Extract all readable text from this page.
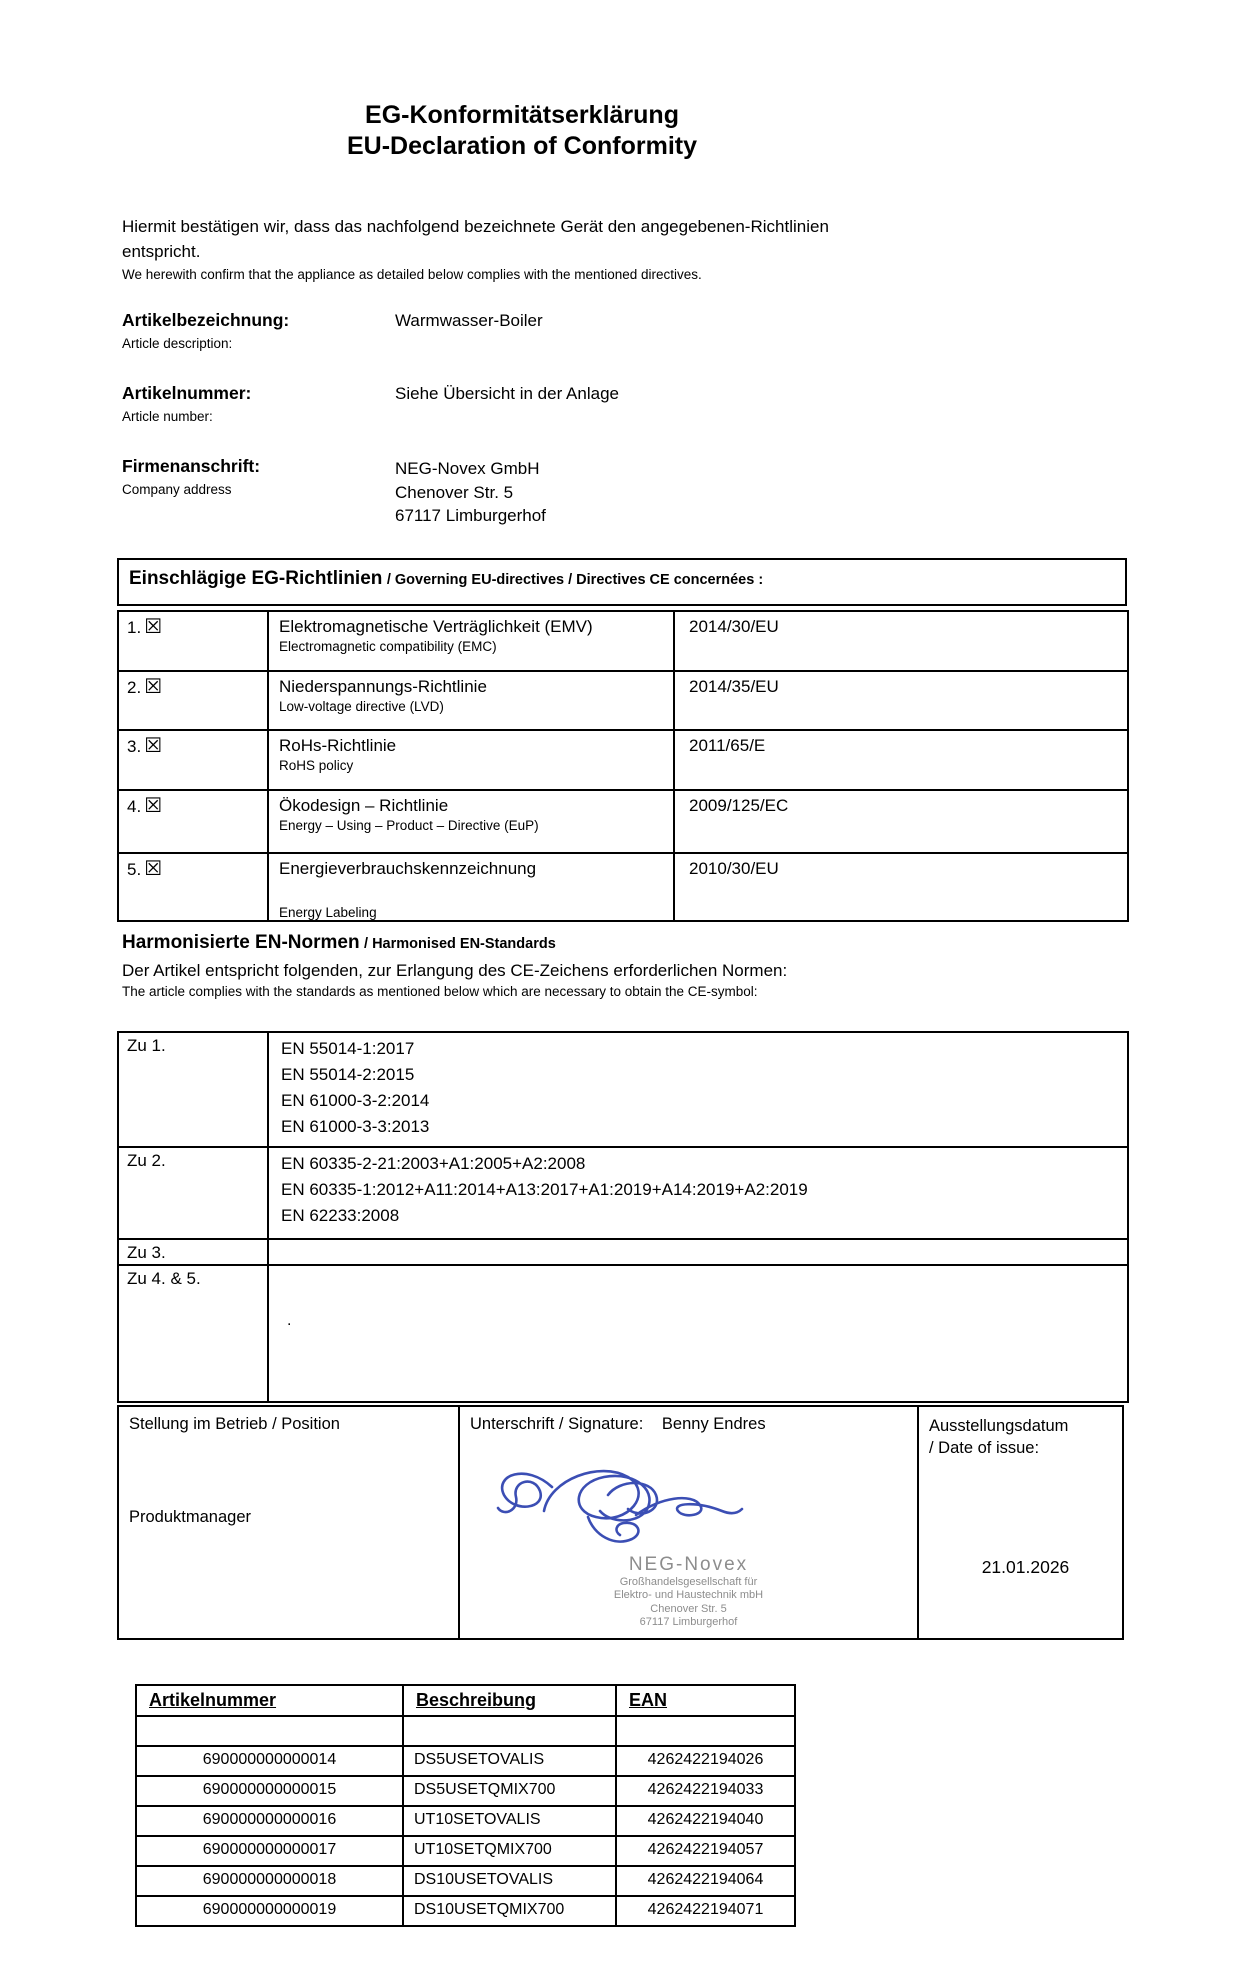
EG-Konformitätserklärung
EU-Declaration of Conformity
Hiermit bestätigen wir, dass das nachfolgend bezeichnete Gerät den angegebenen-Richtlinien
entspricht.
We herewith confirm that the appliance as detailed below complies with the mentioned directives.
Artikelbezeichnung:
Article description:
Warmwasser-Boiler
Artikelnummer:
Article number:
Siehe Übersicht in der Anlage
Firmenanschrift:
Company address
NEG-Novex GmbH
Chenover Str. 5
67117 Limburgerhof
Einschlägige EG-Richtlinien / Governing EU-directives / Directives CE concernées :
1. ☒	Elektromagnetische Verträglichkeit (EMV)
Electromagnetic compatibility (EMC)	2014/30/EU
2. ☒	Niederspannungs-Richtlinie
Low-voltage directive (LVD)	2014/35/EU
3. ☒	RoHs-Richtlinie
RoHS policy	2011/65/E
4. ☒	Ökodesign – Richtlinie
Energy – Using – Product – Directive (EuP)	2009/125/EC
5. ☒	Energieverbrauchskennzeichnung
Energy Labeling	2010/30/EU
Harmonisierte EN-Normen / Harmonised EN-Standards
Der Artikel entspricht folgenden, zur Erlangung des CE-Zeichens erforderlichen Normen:
The article complies with the standards as mentioned below which are necessary to obtain the CE-symbol:
Zu 1.	EN 55014-1:2017
EN 55014-2:2015
EN 61000-3-2:2014
EN 61000-3-3:2013

Zu 2.	EN 60335-2-21:2003+A1:2005+A2:2008
EN 60335-1:2012+A11:2014+A13:2017+A1:2019+A14:2019+A2:2019
EN 62233:2008

Zu 3.	
Zu 4. & 5.	.
Stellung im Betrieb / Position
Produktmanager
	Unterschrift / Signature: Benny Endres
NEG-Novex
Großhandelsgesellschaft für
Elektro- und Haustechnik mbH
Chenover Str. 5
67117 Limburgerhof

Ausstellungsdatum
/ Date of issue:
21.01.2026
Artikelnummer	Beschreibung	EAN

690000000000014	DS5USETOVALIS	4262422194026
690000000000015	DS5USETQMIX700	4262422194033
690000000000016	UT10SETOVALIS	4262422194040
690000000000017	UT10SETQMIX700	4262422194057
690000000000018	DS10USETOVALIS	4262422194064
690000000000019	DS10USETQMIX700	4262422194071
